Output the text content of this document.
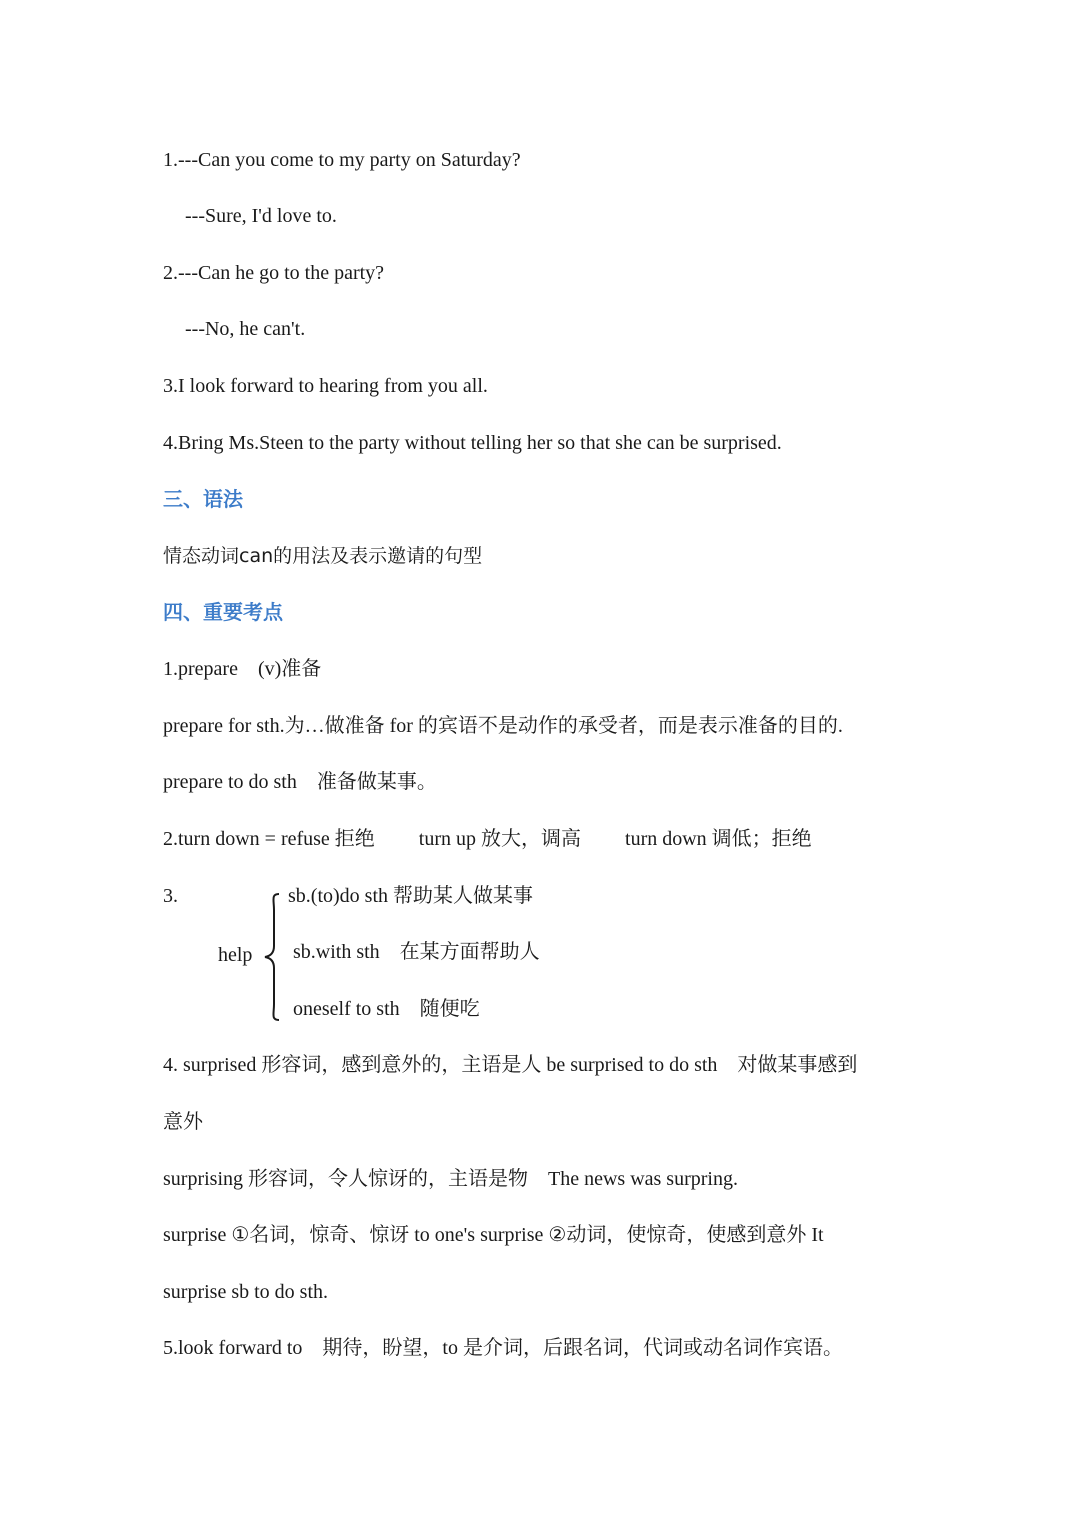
1.---Can you come to my party on Saturday?
---Sure, I'd love to.
2.---Can he go to the party?
---No, he can't.
3.I look forward to hearing from you all.
4.Bring Ms.Steen to the party without telling her so that she can be surprised.
三、语法
情态动词can的用法及表示邀请的句型
四、重要考点
1.prepare　(v)准备
prepare for sth.为…做准备 for 的宾语不是动作的承受者，而是表示准备的目的.
prepare to do sth　准备做某事。
2.turn down = refuse 拒绝 turn up 放大，调高 turn down 调低；拒绝
3.
help
sb.(to)do sth 帮助某人做某事
sb.with sth　在某方面帮助人
oneself to sth　随便吃
4. surprised 形容词，感到意外的，主语是人 be surprised to do sth　对做某事感到
意外
surprising 形容词，令人惊讶的，主语是物　The news was surpring.
surprise ①名词，惊奇、惊讶 to one's surprise ②动词，使惊奇，使感到意外 It
surprise sb to do sth.
5.look forward to　期待，盼望，to 是介词，后跟名词，代词或动名词作宾语。
